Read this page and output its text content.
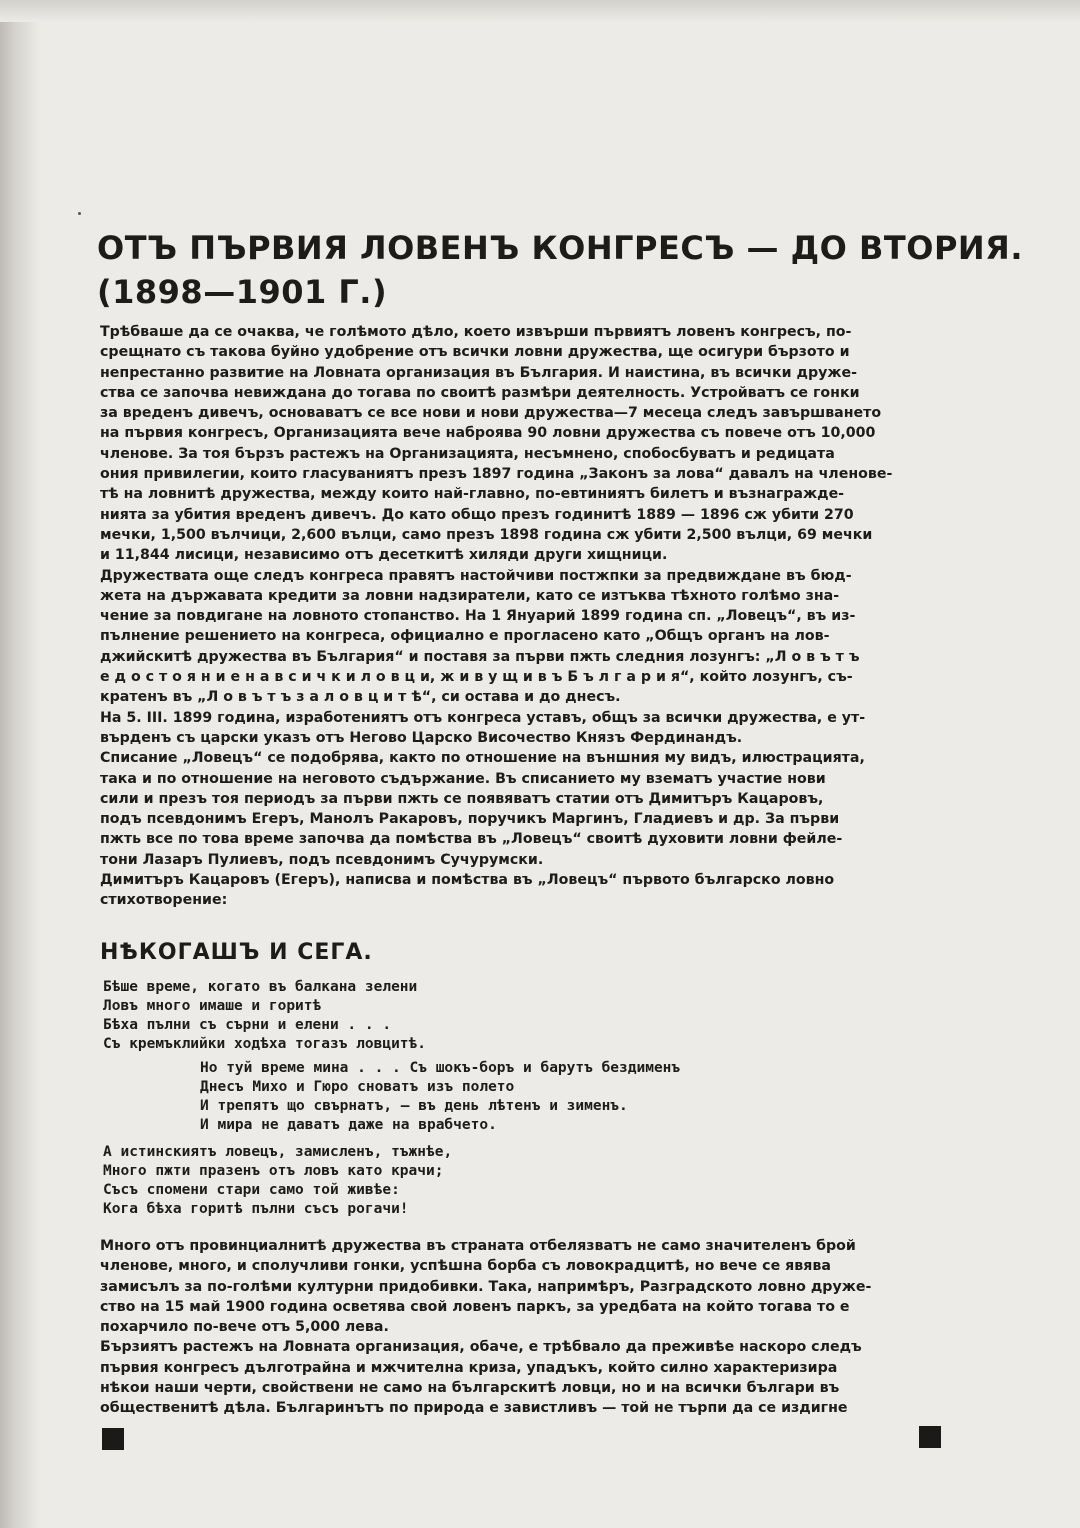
ОТЪ ПЪРВИЯ ЛОВЕНЪ КОНГРЕСЪ — ДО ВТОРИЯ.
(1898—1901 Г.)
Трѣбваше да се очаква, че голѣмото дѣло, което извърши първиятъ ловенъ конгресъ, по-
срещнато съ такова буйно удобрение отъ всички ловни дружества, ще осигури бързото и
непрестанно развитие на Ловната организация въ България. И наистина, въ всички друже-
ства се започва невиждана до тогава по своитѣ размѣри деятелность. Устройватъ се гонки
за вреденъ дивечъ, основаватъ се все нови и нови дружества—7 месеца следъ завършването
на първия конгресъ, Организацията вече наброява 90 ловни дружества съ повече отъ 10,000
членове. За тоя бързъ растежъ на Организацията, несъмнено, спобосбуватъ и редицата
ония привилегии, които гласуваниятъ презъ 1897 година „Законъ за лова“ давалъ на членове-
тѣ на ловнитѣ дружества, между които най-главно, по-евтиниятъ билетъ и възнагражде-
нията за убития вреденъ дивечъ. До като общо презъ годинитѣ 1889 — 1896 сж убити 270
мечки, 1,500 вълчици, 2,600 вълци, само презъ 1898 година сж убити 2,500 вълци, 69 мечки
и 11,844 лисици, независимо отъ десеткитѣ хиляди други хищници.
Дружествата още следъ конгреса правятъ настойчиви постжпки за предвиждане въ бюд-
жета на държавата кредити за ловни надзиратели, като се изтъква тѣхното голѣмо зна-
чение за повдигане на ловното стопанство. На 1 Януарий 1899 година сп. „Ловецъ“, въ из-
пълнение решението на конгреса, официално е прогласено като „Общъ органъ на лов-
джийскитѣ дружества въ България“ и поставя за първи пжть следния лозунгъ: „Л о в ъ т ъ
е д о с т о я н и е н а в с и ч к и л о в ц и, ж и в у щ и в ъ Б ъ л г а р и я“, който лозунгъ, съ-
кратенъ въ „Л о в ъ т ъ з а л о в ц и т ѣ“, си остава и до днесъ.
На 5. III. 1899 година, изработениятъ отъ конгреса уставъ, общъ за всички дружества, е ут-
върденъ съ царски указъ отъ Негово Царско Височество Князъ Фердинандъ.
Списание „Ловецъ“ се подобрява, както по отношение на външния му видъ, илюстрацията,
така и по отношение на неговото съдържание. Въ списанието му взематъ участие нови
сили и презъ тоя периодъ за първи пжть се появяватъ статии отъ Димитъръ Кацаровъ,
подъ псевдонимъ Егеръ, Манолъ Ракаровъ, поручикъ Маргинъ, Гладиевъ и др. За първи
пжть все по това време започва да помѣства въ „Ловецъ“ своитѣ духовити ловни фейле-
тони Лазаръ Пулиевъ, подъ псевдонимъ Сучурумски.
Димитъръ Кацаровъ (Егеръ), написва и помѣства въ „Ловецъ“ първото българско ловно
стихотворение:
НѢКОГАШЪ И СЕГА.
Бѣше време, когато въ балкана зелени
Ловъ много имаше и горитѣ
Бѣха пълни съ сърни и елени . . .
Съ кремъклийки ходѣха тогазъ ловцитѣ.
Но туй време мина . . . Съ шокъ-боръ и барутъ бездименъ
Днесъ Михо и Гюро сноватъ изъ полето
И трепятъ що свърнатъ, — въ день лѣтенъ и зименъ.
И мира не даватъ даже на врабчето.
А истинскиятъ ловецъ, замисленъ, тъжнѣе,
Много пжти празенъ отъ ловъ като крачи;
Съсъ спомени стари само той живѣе:
Кога бѣха горитѣ пълни съсъ рогачи!
Много отъ провинциалнитѣ дружества въ страната отбелязватъ не само значителенъ брой
членове, много, и сполучливи гонки, успѣшна борба съ ловокрадцитѣ, но вече се явява
замисълъ за по-голѣми културни придобивки. Така, напримѣръ, Разградското ловно друже-
ство на 15 май 1900 година осветява свой ловенъ паркъ, за уредбата на който тогава то е
похарчило по-вече отъ 5,000 лева.
Бързиятъ растежъ на Ловната организация, обаче, е трѣбвало да преживѣе наскоро следъ
първия конгресъ дълготрайна и мжчителна криза, упадъкъ, който силно характеризира
нѣкои наши черти, свойствени не само на българскитѣ ловци, но и на всички българи въ
общественитѣ дѣла. Българинътъ по природа е завистливъ — той не търпи да се издигне
